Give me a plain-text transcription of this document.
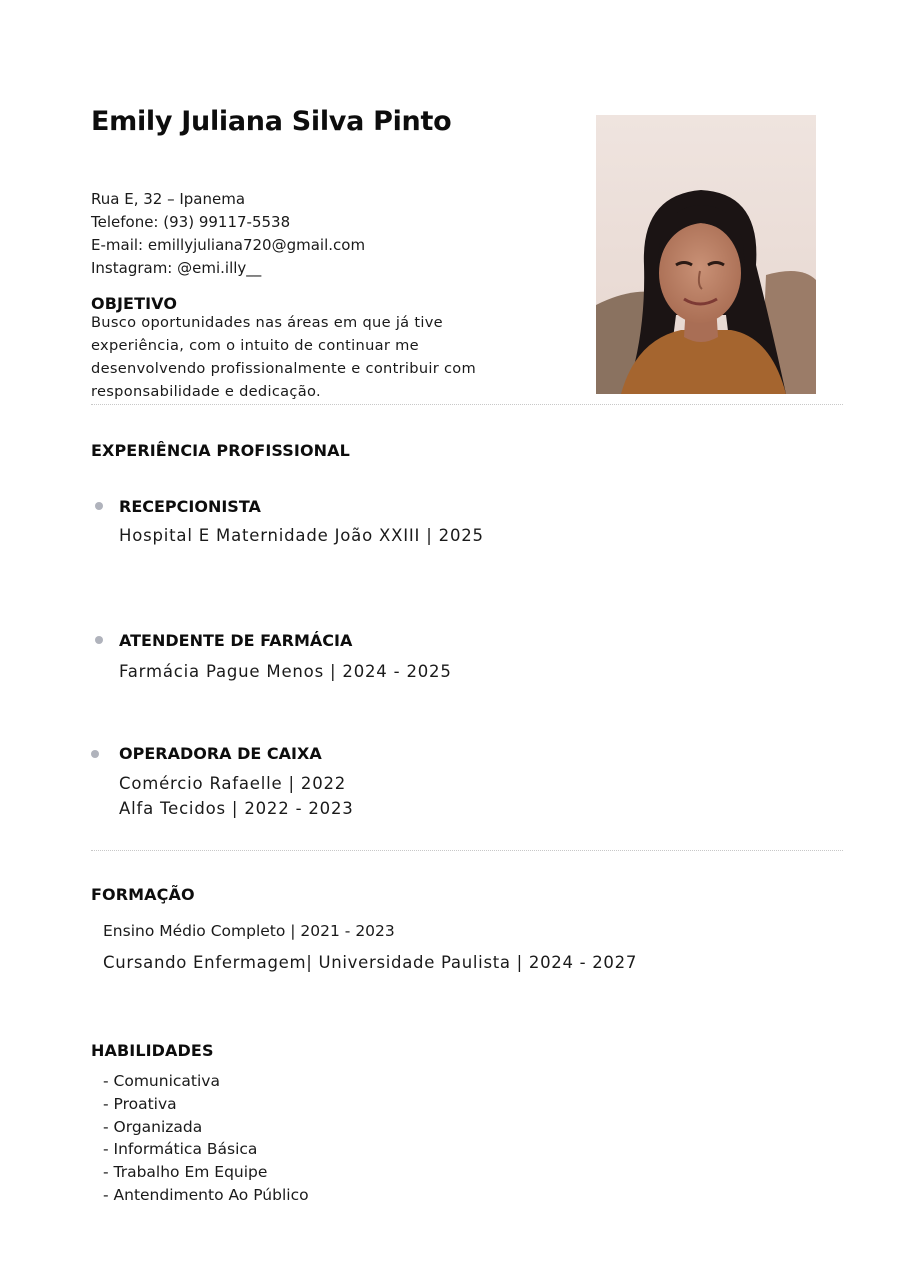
Emily Juliana Silva Pinto
Rua E, 32 – Ipanema
Telefone: (93) 99117-5538
E-mail: emillyjuliana720@gmail.com
Instagram: @emi.illy__
OBJETIVO
Busco oportunidades nas áreas em que já tive experiência, com o intuito de continuar me desenvolvendo profissionalmente e contribuir com responsabilidade e dedicação.
EXPERIÊNCIA PROFISSIONAL
RECEPCIONISTA
Hospital E Maternidade João XXIII | 2025
ATENDENTE DE FARMÁCIA
Farmácia Pague Menos | 2024 - 2025
OPERADORA DE CAIXA
Comércio Rafaelle | 2022
Alfa Tecidos | 2022 - 2023
FORMAÇÃO
Ensino Médio Completo | 2021 - 2023
Cursando Enfermagem| Universidade Paulista | 2024 - 2027
HABILIDADES
- Comunicativa
- Proativa
- Organizada
- Informática Básica
- Trabalho Em Equipe
- Antendimento Ao Público
